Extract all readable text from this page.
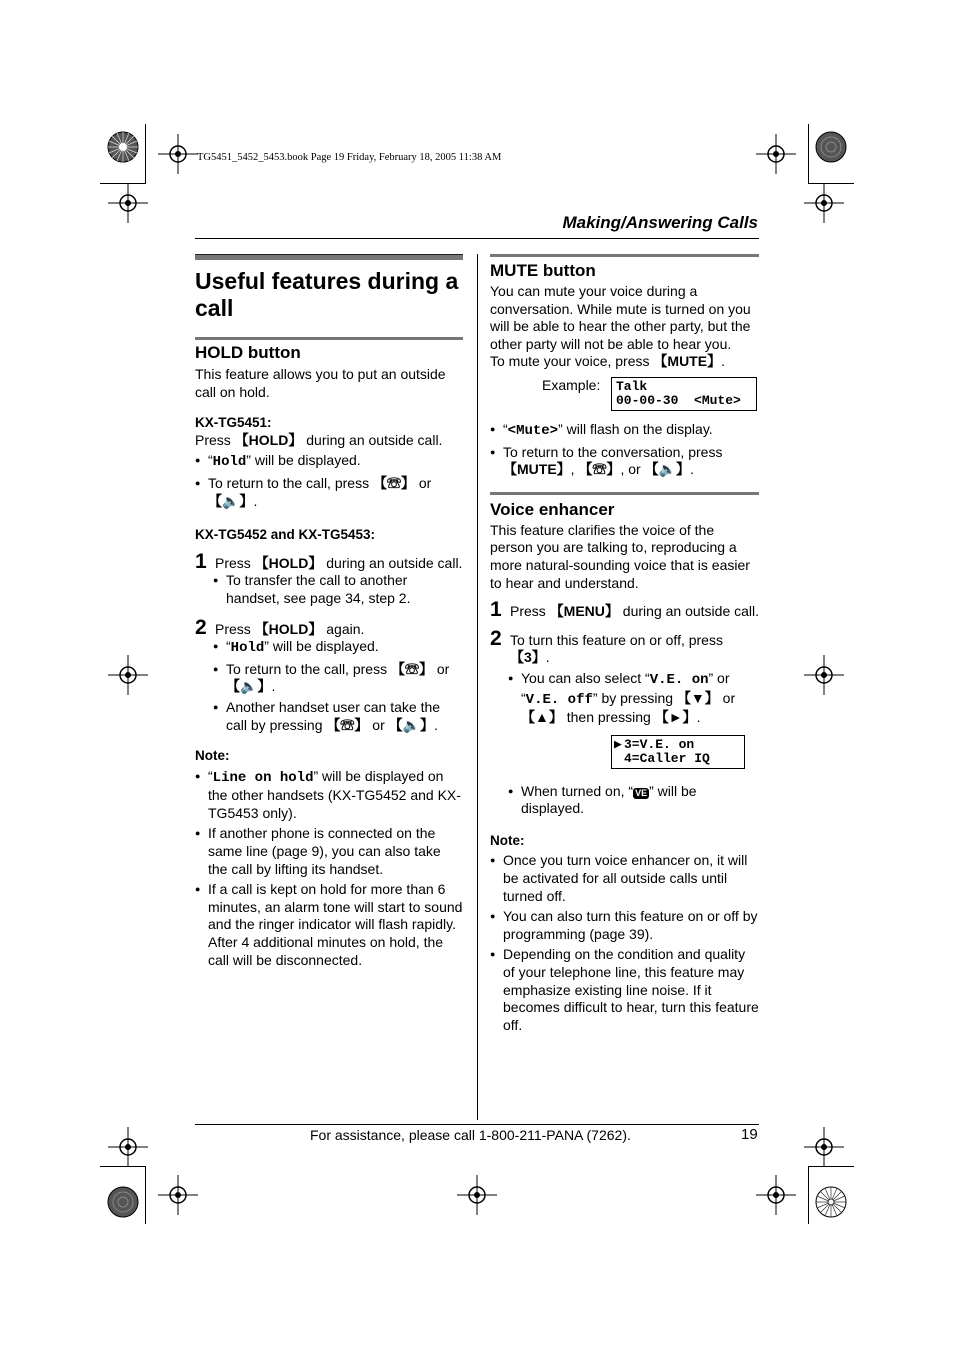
TG5451_5452_5453.book Page 19 Friday, February 18, 2005 11:38 AM
Making/Answering Calls
Useful features during a call
HOLD button

This feature allows you to put an outside call on hold.

KX-TG5451:

Press 【HOLD】 during an outside call.

● “Hold” will be displayed.
● To return to the call, press 【☏】 or 【🔈】.

KX-TG5452 and KX-TG5453:

1 Press 【HOLD】 during an outside call.
● To transfer the call to another handset, see page 34, step 2.
2 Press 【HOLD】 again.
● “Hold” will be displayed.
● To return to the call, press 【☏】 or 【🔈】.
● Another handset user can take the call by pressing 【☏】 or 【🔈】.

Note:

● “Line on hold” will be displayed on the other handsets (KX-TG5452 and KX-TG5453 only).
● If another phone is connected on the same line (page 9), you can also take the call by lifting its handset.
● If a call is kept on hold for more than 6 minutes, an alarm tone will start to sound and the ringer indicator will flash rapidly. After 4 additional minutes on hold, the call will be disconnected.
MUTE button

You can mute your voice during a conversation. While mute is turned on you will be able to hear the other party, but the other party will not be able to hear you.

To mute your voice, press 【MUTE】.

Example:	Talk
00-00-30  <Mute>
● “<Mute>” will flash on the display.
● To return to the conversation, press 【MUTE】, 【☏】, or 【🔈】.
Voice enhancer

This feature clarifies the voice of the person you are talking to, reproducing a more natural-sounding voice that is easier to hear and understand.

1 Press 【MENU】 during an outside call.
2 To turn this feature on or off, press 【3】.
● You can also select “V.E. on” or “V.E. off” by pressing 【▼】 or 【▲】 then pressing 【►】.
▶ 3=V.E. on
4=Caller IQ
● When turned on, “ VE ” will be displayed.

Note:

● Once you turn voice enhancer on, it will be activated for all outside calls until turned off.
● You can also turn this feature on or off by programming (page 39).
● Depending on the condition and quality of your telephone line, this feature may emphasize existing line noise. If it becomes difficult to hear, turn this feature off.
For assistance, please call 1-800-211-PANA (7262).	19
